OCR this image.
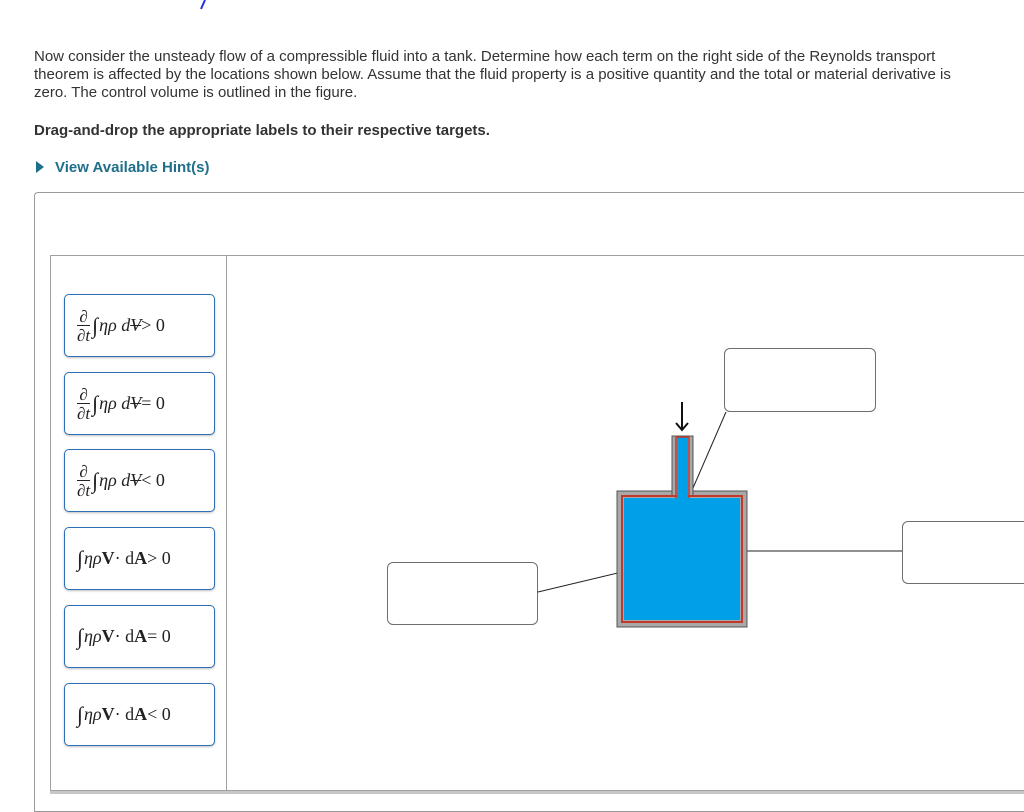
Now consider the unsteady flow of a compressible fluid into a tank. Determine how each term on the right side of the Reynolds transport theorem is affected by the locations shown below. Assume that the fluid property is a positive quantity and the total or material derivative is zero. The control volume is outlined in the figure.

Drag-and-drop the appropriate labels to their respective targets.
View Available Hint(s)
$\frac{\partial}{\partial t}$ ∫ ηρ d V > 0
$\frac{\partial}{\partial t}$ ∫ ηρ d V = 0
$\frac{\partial}{\partial t}$ ∫ ηρ d V < 0
∫ ηρ V · d A > 0
∫ ηρ V · d A = 0
∫ ηρ V · d A < 0
